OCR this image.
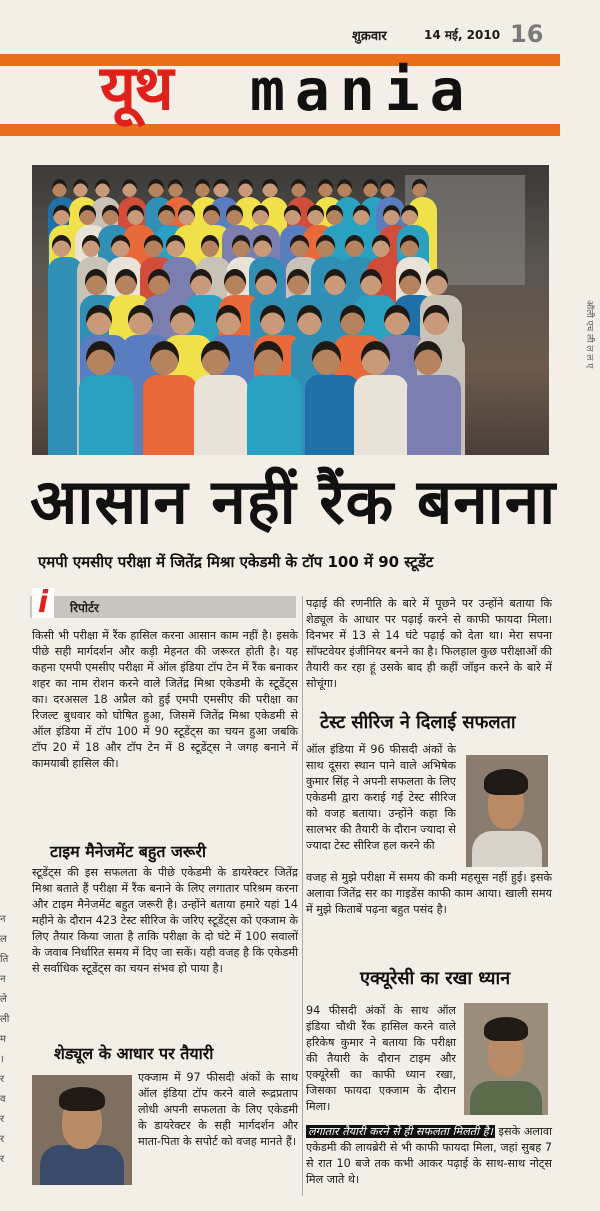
शुक्रवार	14 मई, 2010 16
यूथ mania
ऑली एच ली ल ल ए
न
ल
ति
न
ले
ली
म
।
र
व
र
र
र
आसान नहीं रैंक बनाना
एमपी एमसीए परीक्षा में जितेंद्र मिश्रा एकेडमी के टॉप 100 में 90 स्टूडेंट
i	रिपोर्टर

किसी भी परीक्षा में रैंक हासिल करना आसान काम नहीं है। इसके पीछे सही मार्गदर्शन और कड़ी मेहनत की जरूरत होती है। यह कहना एमपी एमसीए परीक्षा में ऑल इंडिया टॉप टेन में रैंक बनाकर शहर का नाम रोशन करने वाले जितेंद्र मिश्रा एकेडमी के स्टूडेंट्स का। दरअसल 18 अप्रैल को हुई एमपी एमसीए की परीक्षा का रिजल्ट बुधवार को घोषित हुआ, जिसमें जितेंद्र मिश्रा एकेडमी से ऑल इंडिया में टॉप 100 में 90 स्टूडेंट्स का चयन हुआ जबकि टॉप 20 में 18 और टॉप टेन में 8 स्टूडेंट्स ने जगह बनाने में कामयाबी हासिल की।

टाइम मैनेजमेंट बहुत जरूरी

स्टूडेंट्स की इस सफलता के पीछे एकेडमी के डायरेक्टर जितेंद्र मिश्रा बताते हैं परीक्षा में रैंक बनाने के लिए लगातार परिश्रम करना और टाइम मैनेजमेंट बहुत जरूरी है। उन्होंने बताया हमारे यहां 14 महीने के दौरान 423 टेस्ट सीरिज के जरिए स्टूडेंट्स को एक्जाम के लिए तैयार किया जाता है ताकि परीक्षा के दो घंटे में 100 सवालों के जवाब निर्धारित समय में दिए जा सकें। यही वजह है कि एकेडमी से सर्वाधिक स्टूडेंट्स का चयन संभव हो पाया है।

शेड्यूल के आधार पर तैयारी

एक्जाम में 97 फीसदी अंकों के साथ ऑल इंडिया टॉप करने वाले रूद्रप्रताप लोधी अपनी सफलता के लिए एकेडमी के डायरेक्टर के सही मार्गदर्शन और माता-पिता के सपोर्ट को वजह मानते हैं।

पढ़ाई की रणनीति के बारे में पूछने पर उन्होंने बताया कि शेड्यूल के आधार पर पढ़ाई करने से काफी फायदा मिला। दिनभर में 13 से 14 घंटे पढ़ाई को देता था। मेरा सपना सॉफ्टवेयर इंजीनियर बनने का है। फिलहाल कुछ परीक्षाओं की तैयारी कर रहा हूं उसके बाद ही कहीं जॉइन करने के बारे में सोचूंगा।

टेस्ट सीरिज ने दिलाई सफलता

ऑल इंडिया में 96 फीसदी अंकों के साथ दूसरा स्थान पाने वाले अभिषेक कुमार सिंह ने अपनी सफलता के लिए एकेडमी द्वारा कराई गई टेस्ट सीरिज को वजह बताया। उन्होंने कहा कि सालभर की तैयारी के दौरान ज्यादा से ज्यादा टेस्ट सीरिज हल करने की

वजह से मुझे परीक्षा में समय की कमी महसूस नहीं हुई। इसके अलावा जितेंद्र सर का गाइडेंस काफी काम आया। खाली समय में मुझे किताबें पढ़ना बहुत पसंद है।

एक्यूरेसी का रखा ध्यान

94 फीसदी अंकों के साथ ऑल इंडिया चौथी रैंक हासिल करने वाले हरिकेष कुमार ने बताया कि परीक्षा की तैयारी के दौरान टाइम और एक्यूरेसी का काफी ध्यान रखा, जिसका फायदा एक्जाम के दौरान मिला।

लगातार तैयारी करने से ही सफलता मिलती है। इसके अलावा एकेडमी की लायब्रेरी से भी काफी फायदा मिला, जहां सुबह 7 से रात 10 बजे तक कभी आकर पढ़ाई के साथ-साथ नोट्स मिल जाते थे।
